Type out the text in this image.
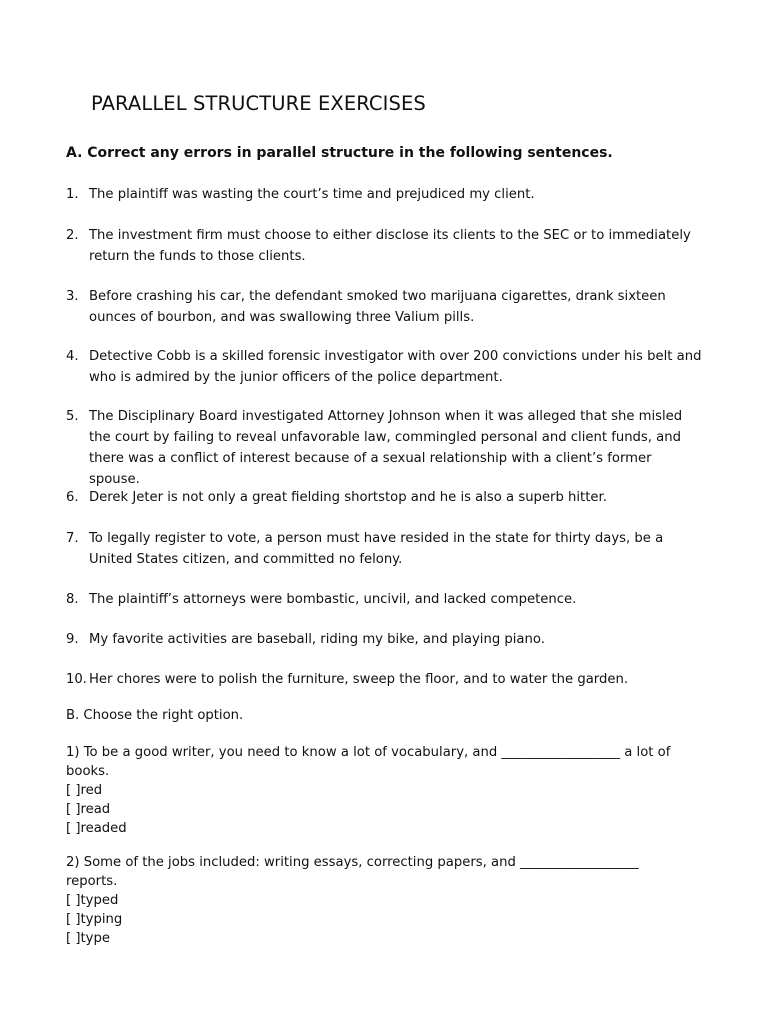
PARALLEL STRUCTURE EXERCISES
A. Correct any errors in parallel structure in the following sentences.
1. The plaintiff was wasting the court’s time and prejudiced my client.
2. The investment firm must choose to either disclose its clients to the SEC or to immediately return the funds to those clients.
3. Before crashing his car, the defendant smoked two marijuana cigarettes, drank sixteen ounces of bourbon, and was swallowing three Valium pills.
4. Detective Cobb is a skilled forensic investigator with over 200 convictions under his belt and who is admired by the junior officers of the police department.
5. The Disciplinary Board investigated Attorney Johnson when it was alleged that she misled the court by failing to reveal unfavorable law, commingled personal and client funds, and there was a conflict of interest because of a sexual relationship with a client’s former spouse.
6. Derek Jeter is not only a great fielding shortstop and he is also a superb hitter.
7. To legally register to vote, a person must have resided in the state for thirty days, be a United States citizen, and committed no felony.
8. The plaintiff’s attorneys were bombastic, uncivil, and lacked competence.
9. My favorite activities are baseball, riding my bike, and playing piano.
10. Her chores were to polish the furniture, sweep the floor, and to water the garden.
B. Choose the right option.
1) To be a good writer, you need to know a lot of vocabulary, and __________________ a lot of books.
[ ]red
[ ]read
[ ]readed
2) Some of the jobs included: writing essays, correcting papers, and __________________ reports.
[ ]typed
[ ]typing
[ ]type
